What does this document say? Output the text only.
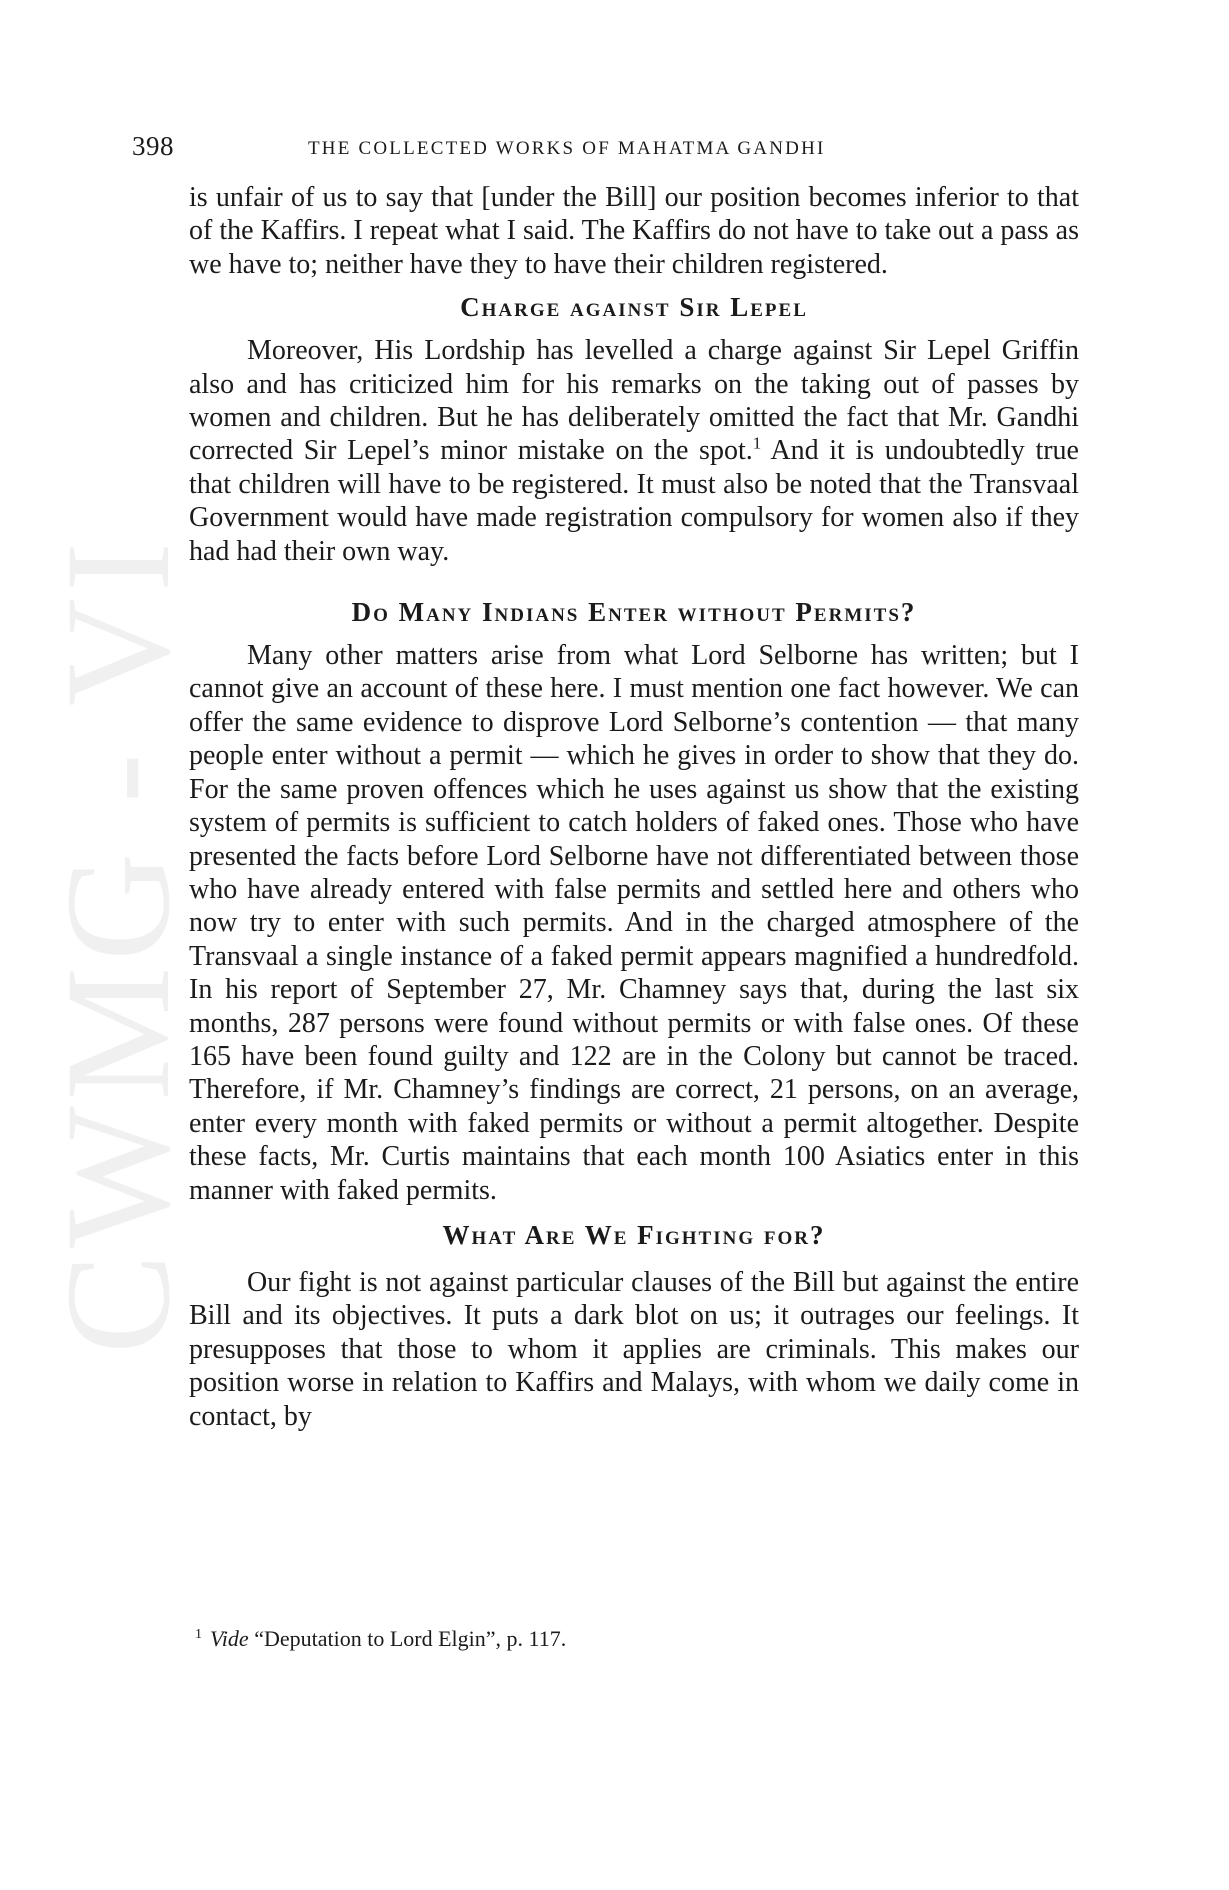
398	THE COLLECTED WORKS OF MAHATMA GANDHI
CWMG - VI

is unfair of us to say that [under the Bill] our position becomes inferior to that of the Kaffirs. I repeat what I said. The Kaffirs do not have to take out a pass as we have to; neither have they to have their children registered.

Charge against Sir Lepel

Moreover, His Lordship has levelled a charge against Sir Lepel Griffin also and has criticized him for his remarks on the taking out of passes by women and children. But he has deliberately omitted the fact that Mr. Gandhi corrected Sir Lepel’s minor mistake on the spot.$^1$ And it is undoubtedly true that children will have to be registered. It must also be noted that the Transvaal Government would have made registration compulsory for women also if they had had their own way.

Do Many Indians Enter without Permits?

Many other matters arise from what Lord Selborne has written; but I cannot give an account of these here. I must mention one fact however. We can offer the same evidence to disprove Lord Selborne’s contention — that many people enter without a permit — which he gives in order to show that they do. For the same proven offences which he uses against us show that the existing system of permits is sufficient to catch holders of faked ones. Those who have presented the facts before Lord Selborne have not differentiated between those who have already entered with false permits and settled here and others who now try to enter with such permits. And in the charged atmosphere of the Transvaal a single instance of a faked permit appears magnified a hundredfold. In his report of September 27, Mr. Chamney says that, during the last six months, 287 persons were found without permits or with false ones. Of these 165 have been found guilty and 122 are in the Colony but cannot be traced. Therefore, if Mr. Chamney’s findings are correct, 21 persons, on an average, enter every month with faked permits or without a permit altogether. Despite these facts, Mr. Curtis maintains that each month 100 Asiatics enter in this manner with faked permits.

What Are We Fighting for?

Our fight is not against particular clauses of the Bill but against the entire Bill and its objectives. It puts a dark blot on us; it outrages our feelings. It presupposes that those to whom it applies are criminals. This makes our position worse in relation to Kaffirs and Malays, with whom we daily come in contact, by

$^1$ Vide “Deputation to Lord Elgin”, p. 117.
